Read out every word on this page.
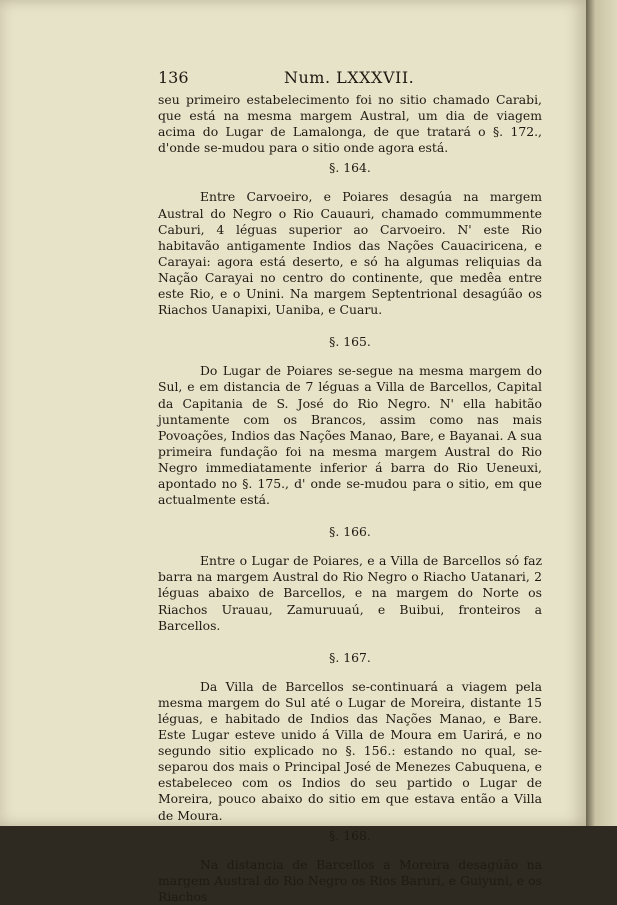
136	Num. LXXXVII.

seu primeiro estabelecimento foi no sitio chamado Carabi, que está na mesma margem Austral, um dia de viagem acima do Lugar de Lamalonga, de que tratará o §. 172., d'onde se-mudou para o sitio onde agora está.

§. 164.

Entre Carvoeiro, e Poiares desagúa na margem Austral do Negro o Rio Cauauri, chamado commummente Caburi, 4 léguas superior ao Carvoeiro. N' este Rio habitavão antigamente Indios das Nações Cauaciricena, e Carayai: agora está deserto, e só ha algumas reliquias da Nação Carayai no centro do continente, que medêa entre este Rio, e o Unini. Na margem Septentrional desagúão os Riachos Uanapixi, Uaniba, e Cuaru.

§. 165.

Do Lugar de Poiares se-segue na mesma margem do Sul, e em distancia de 7 léguas a Villa de Barcellos, Capital da Capitania de S. José do Rio Negro. N' ella habitão juntamente com os Brancos, assim como nas mais Povoações, Indios das Nações Manao, Bare, e Bayanai. A sua primeira fundação foi na mesma margem Austral do Rio Negro immediatamente inferior á barra do Rio Ueneuxi, apontado no §. 175., d' onde se-mudou para o sitio, em que actualmente está.

§. 166.

Entre o Lugar de Poiares, e a Villa de Barcellos só faz barra na margem Austral do Rio Negro o Riacho Uatanari, 2 léguas abaixo de Barcellos, e na margem do Norte os Riachos Urauau, Zamuruuaú, e Buibui, fronteiros a Barcellos.

§. 167.

Da Villa de Barcellos se-continuará a viagem pela mesma margem do Sul até o Lugar de Moreira, distante 15 léguas, e habitado de Indios das Nações Manao, e Bare. Este Lugar esteve unido á Villa de Moura em Uarirá, e no segundo sitio explicado no §. 156.: estando no qual, se-separou dos mais o Principal José de Menezes Cabuquena, e estabeleceo com os Indios do seu partido o Lugar de Moreira, pouco abaixo do sitio em que estava então a Villa de Moura.

§. 168.

Na distancia de Barcellos a Moreira desagúão na margem Austral do Rio Negro os Rios Baruri, e Guiyuni, e os Riachos
